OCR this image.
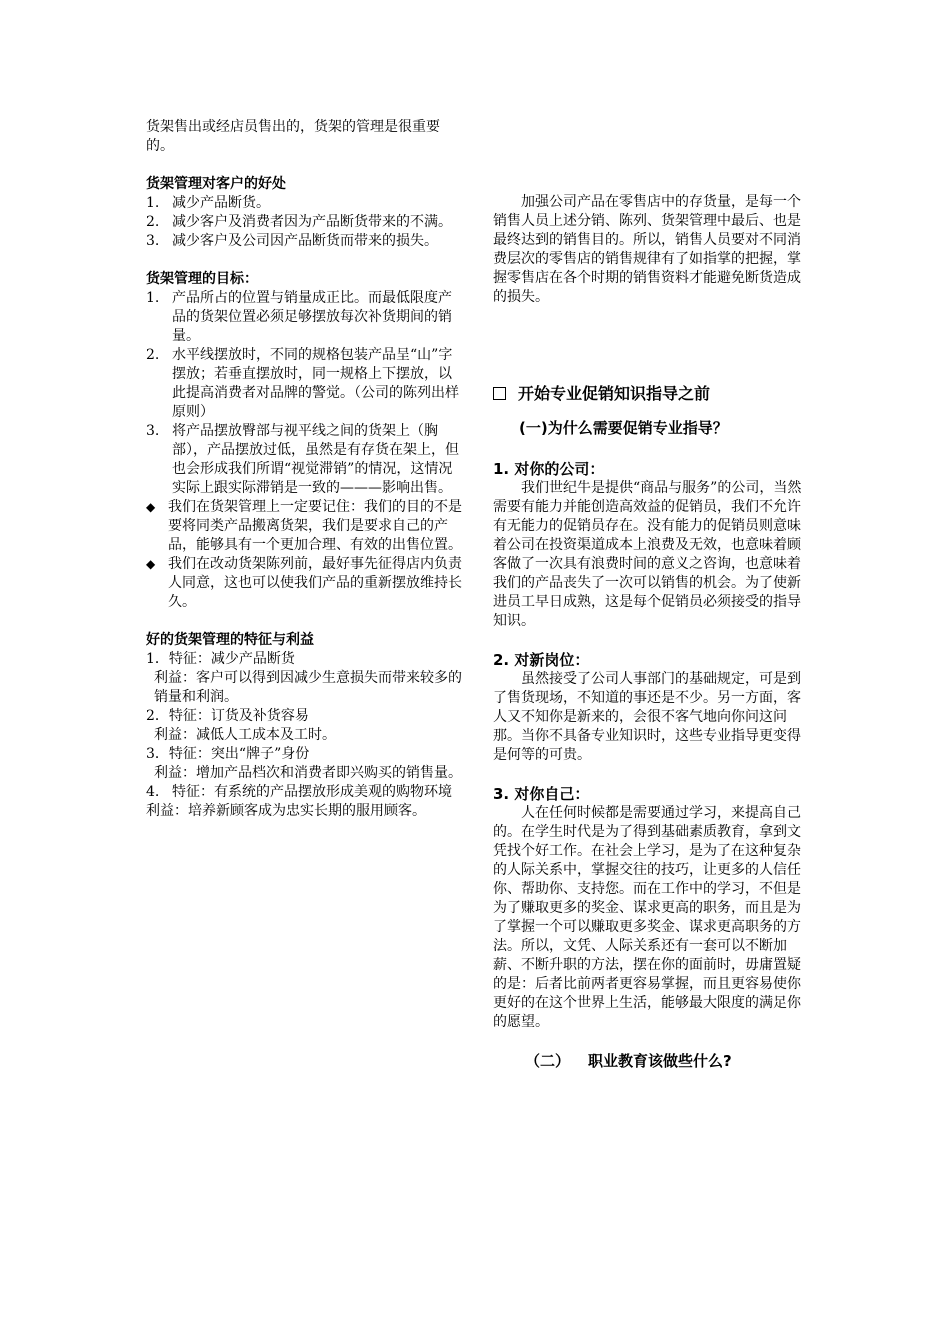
货架售出或经店员售出的，货架的管理是很重要的。

货架管理对客户的好处

1. 减少产品断货。
2. 减少客户及消费者因为产品断货带来的不满。
3. 减少客户及公司因产品断货而带来的损失。

货架管理的目标：

1. 产品所占的位置与销量成正比。而最低限度产品的货架位置必须足够摆放每次补货期间的销量。
2. 水平线摆放时，不同的规格包装产品呈“山”字摆放；若垂直摆放时，同一规格上下摆放，以此提高消费者对品牌的警觉。（公司的陈列出样原则）
3. 将产品摆放臀部与视平线之间的货架上（胸部），产品摆放过低，虽然是有存货在架上，但也会形成我们所谓“视觉滞销”的情况，这情况实际上跟实际滞销是一致的———影响出售。
◆ 我们在货架管理上一定要记住：我们的目的不是要将同类产品搬离货架，我们是要求自己的产品，能够具有一个更加合理、有效的出售位置。
◆ 我们在改动货架陈列前，最好事先征得店内负责人同意，这也可以使我们产品的重新摆放维持长久。

好的货架管理的特征与利益

1．特征：减少产品断货

利益：客户可以得到因减少生意损失而带来较多的销量和利润。

2．特征：订货及补货容易

利益：减低人工成本及工时。

3．特征：突出“牌子”身份

利益：增加产品档次和消费者即兴购买的销售量。

4. 特征：有系统的产品摆放形成美观的购物环境

利益：培养新顾客成为忠实长期的服用顾客。

加强公司产品在零售店中的存货量，是每一个销售人员上述分销、陈列、货架管理中最后、也是最终达到的销售目的。所以，销售人员要对不同消费层次的零售店的销售规律有了如指掌的把握，掌握零售店在各个时期的销售资料才能避免断货造成的损失。

开始专业促销知识指导之前

(一)为什么需要促销专业指导？

1. 对你的公司：

我们世纪牛是提供“商品与服务”的公司，当然需要有能力并能创造高效益的促销员，我们不允许有无能力的促销员存在。没有能力的促销员则意味着公司在投资渠道成本上浪费及无效，也意味着顾客做了一次具有浪费时间的意义之咨询，也意味着我们的产品丧失了一次可以销售的机会。为了使新进员工早日成熟，这是每个促销员必须接受的指导知识。

2. 对新岗位：

虽然接受了公司人事部门的基础规定，可是到了售货现场，不知道的事还是不少。另一方面，客人又不知你是新来的，会很不客气地向你问这问那。当你不具备专业知识时，这些专业指导更变得是何等的可贵。

3. 对你自己：

人在任何时候都是需要通过学习，来提高自己的。在学生时代是为了得到基础素质教育，拿到文凭找个好工作。在社会上学习，是为了在这种复杂的人际关系中，掌握交往的技巧，让更多的人信任你、帮助你、支持您。而在工作中的学习，不但是为了赚取更多的奖金、谋求更高的职务，而且是为了掌握一个可以赚取更多奖金、谋求更高职务的方法。所以，文凭、人际关系还有一套可以不断加薪、不断升职的方法，摆在你的面前时，毋庸置疑的是：后者比前两者更容易掌握，而且更容易使你更好的在这个世界上生活，能够最大限度的满足你的愿望。

（二） 职业教育该做些什么?
